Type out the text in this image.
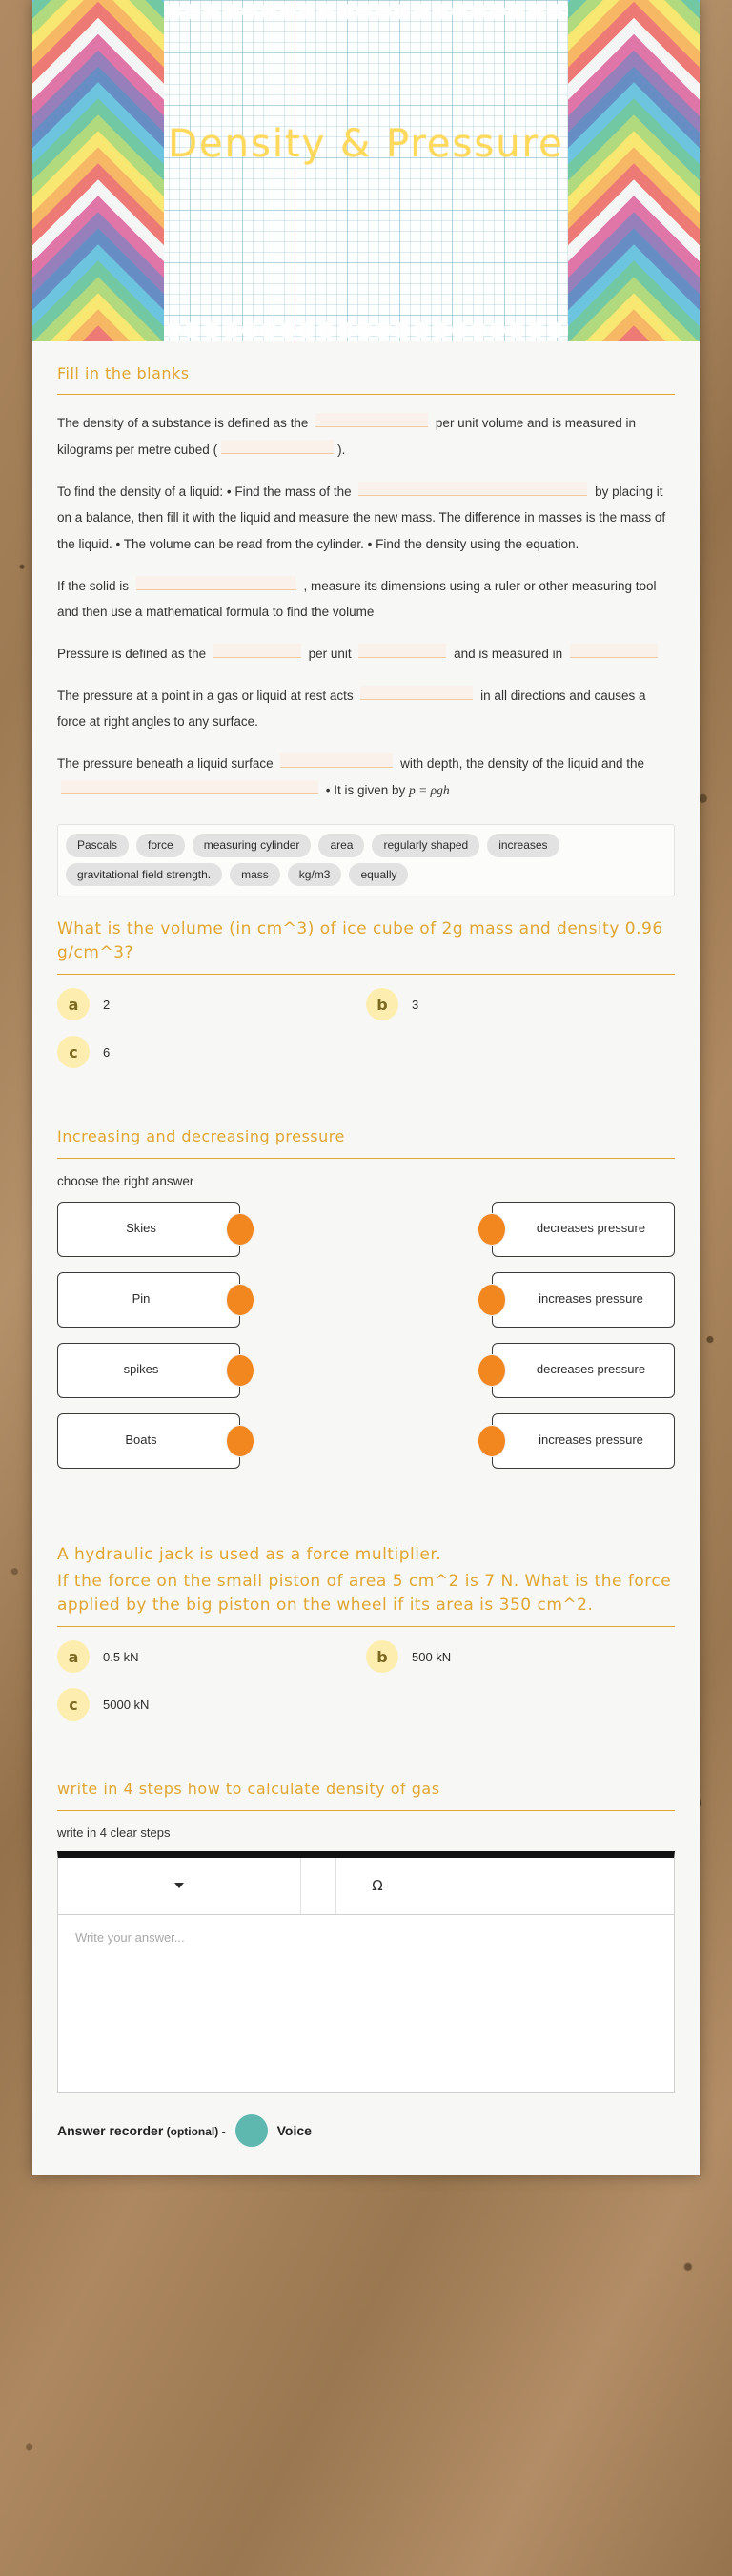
Density & Pressure
Fill in the blanks

The density of a substance is defined as the	per unit volume and is measured in kilograms per metre cubed (	).

To find the density of a liquid: • Find the mass of the	by placing it on a balance, then fill it with the liquid and measure the new mass. The difference in masses is the mass of the liquid. • The volume can be read from the cylinder. • Find the density using the equation.

If the solid is	, measure its dimensions using a ruler or other measuring tool and then use a mathematical formula to find the volume

Pressure is defined as the	per unit	and is measured in

The pressure at a point in a gas or liquid at rest acts	in all directions and causes a force at right angles to any surface.

The pressure beneath a liquid surface	with depth, the density of the liquid and the  • It is given by p = ρgh

Pascals	force	measuring cylinder	area	regularly shaped	increases
gravitational field strength.	mass	kg/m3	equally
What is the volume (in cm^3) of ice cube of 2g mass and density 0.96 g/cm^3?
a	2	b	3
c	6
Increasing and decreasing pressure
choose the right answer
Skies	decreases pressure
Pin	increases pressure
spikes	decreases pressure
Boats	increases pressure
A hydraulic jack is used as a force multiplier.
If the force on the small piston of area 5 cm^2 is 7 N. What is the force applied by the big piston on the wheel if its area is 350 cm^2.
a	0.5 kN	b	500 kN
c	5000 kN
write in 4 steps how to calculate density of gas
write in 4 clear steps
Ω
Write your answer...
Answer recorder (optional) -	Voice
